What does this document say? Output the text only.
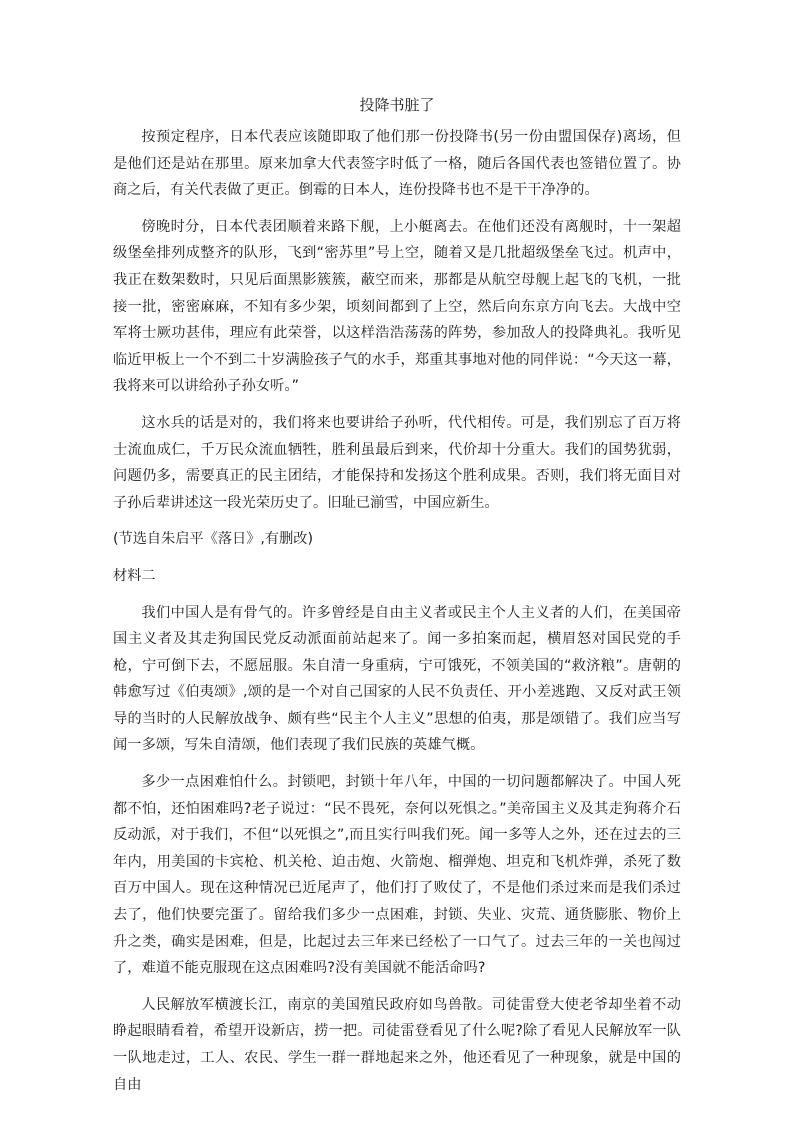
投降书脏了

按预定程序，日本代表应该随即取了他们那一份投降书(另一份由盟国保存)离场，但是他们还是站在那里。原来加拿大代表签字时低了一格，随后各国代表也签错位置了。协商之后，有关代表做了更正。倒霉的日本人，连份投降书也不是干干净净的。

傍晚时分，日本代表团顺着来路下舰，上小艇离去。在他们还没有离舰时，十一架超级堡垒排列成整齐的队形，飞到“密苏里”号上空，随着又是几批超级堡垒飞过。机声中，我正在数架数时，只见后面黑影簇簇，蔽空而来，那都是从航空母舰上起飞的飞机，一批接一批，密密麻麻，不知有多少架，顷刻间都到了上空，然后向东京方向飞去。大战中空军将士厥功甚伟，理应有此荣誉，以这样浩浩荡荡的阵势，参加敌人的投降典礼。我听见临近甲板上一个不到二十岁满脸孩子气的水手，郑重其事地对他的同伴说：“今天这一幕，我将来可以讲给孙子孙女听。”

这水兵的话是对的，我们将来也要讲给子孙听，代代相传。可是，我们别忘了百万将士流血成仁，千万民众流血牺牲，胜利虽最后到来，代价却十分重大。我们的国势犹弱，问题仍多，需要真正的民主团结，才能保持和发扬这个胜利成果。否则，我们将无面目对子孙后辈讲述这一段光荣历史了。旧耻已湔雪，中国应新生。

(节选自朱启平《落日》,有删改)

材料二

我们中国人是有骨气的。许多曾经是自由主义者或民主个人主义者的人们，在美国帝国主义者及其走狗国民党反动派面前站起来了。闻一多拍案而起，横眉怒对国民党的手枪，宁可倒下去，不愿屈服。朱自清一身重病，宁可饿死，不领美国的“救济粮”。唐朝的韩愈写过《伯夷颂》,颂的是一个对自己国家的人民不负责任、开小差逃跑、又反对武王领导的当时的人民解放战争、颇有些“民主个人主义”思想的伯夷，那是颂错了。我们应当写闻一多颂，写朱自清颂，他们表现了我们民族的英雄气概。

多少一点困难怕什么。封锁吧，封锁十年八年，中国的一切问题都解决了。中国人死都不怕，还怕困难吗?老子说过：“民不畏死，奈何以死惧之。”美帝国主义及其走狗蒋介石反动派，对于我们，不但“以死惧之”,而且实行叫我们死。闻一多等人之外，还在过去的三年内，用美国的卡宾枪、机关枪、迫击炮、火箭炮、榴弹炮、坦克和飞机炸弹，杀死了数百万中国人。现在这种情况已近尾声了，他们打了败仗了，不是他们杀过来而是我们杀过去了，他们快要完蛋了。留给我们多少一点困难，封锁、失业、灾荒、通货膨胀、物价上升之类，确实是困难，但是，比起过去三年来已经松了一口气了。过去三年的一关也闯过了，难道不能克服现在这点困难吗?没有美国就不能活命吗?

人民解放军横渡长江，南京的美国殖民政府如鸟兽散。司徒雷登大使老爷却坐着不动睁起眼睛看着，希望开设新店，捞一把。司徒雷登看见了什么呢?除了看见人民解放军一队一队地走过，工人、农民、学生一群一群地起来之外，他还看见了一种现象，就是中国的自由
